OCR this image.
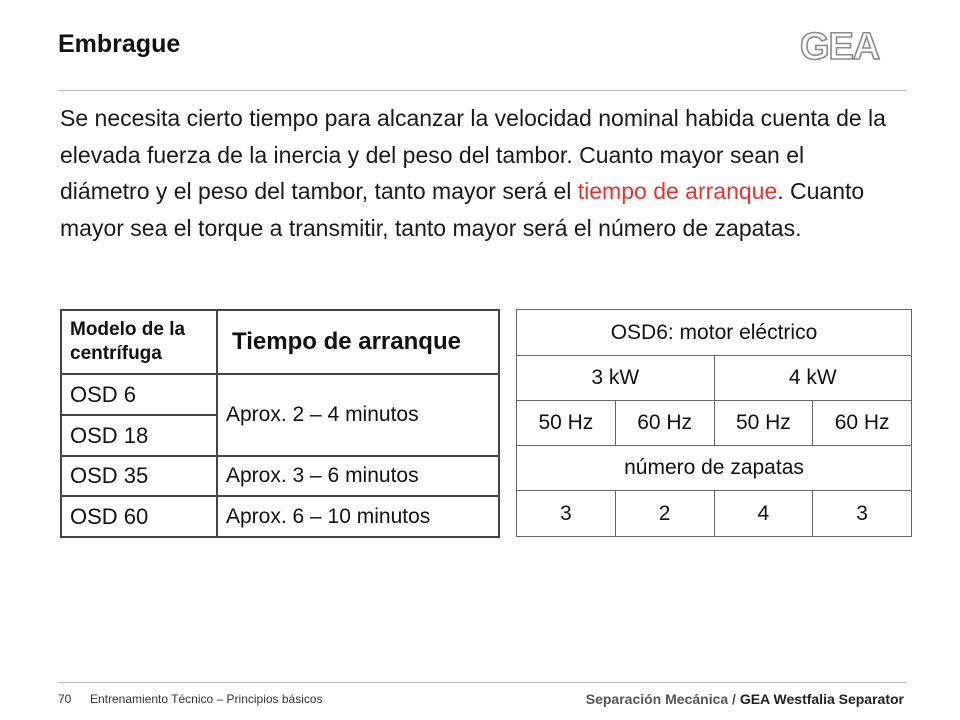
Embrague	GEA
Se necesita cierto tiempo para alcanzar la velocidad nominal habida cuenta de la elevada fuerza de la inercia y del peso del tambor. Cuanto mayor sean el diámetro y el peso del tambor, tanto mayor será el tiempo de arranque. Cuanto mayor sea el torque a transmitir, tanto mayor será el número de zapatas.
Modelo de la centrífuga	Tiempo de arranque
OSD 6	Aprox. 2 – 4 minutos
OSD 18	
OSD 35	Aprox. 3 – 6 minutos
OSD 60	Aprox. 6 – 10 minutos
OSD6: motor eléctrico			
3 kW		4 kW	
50 Hz	60 Hz	50 Hz	60 Hz
número de zapatas			
3	2	4	3
70 Entrenamiento Técnico – Principios básicos	Separación Mecánica / GEA Westfalia Separator
